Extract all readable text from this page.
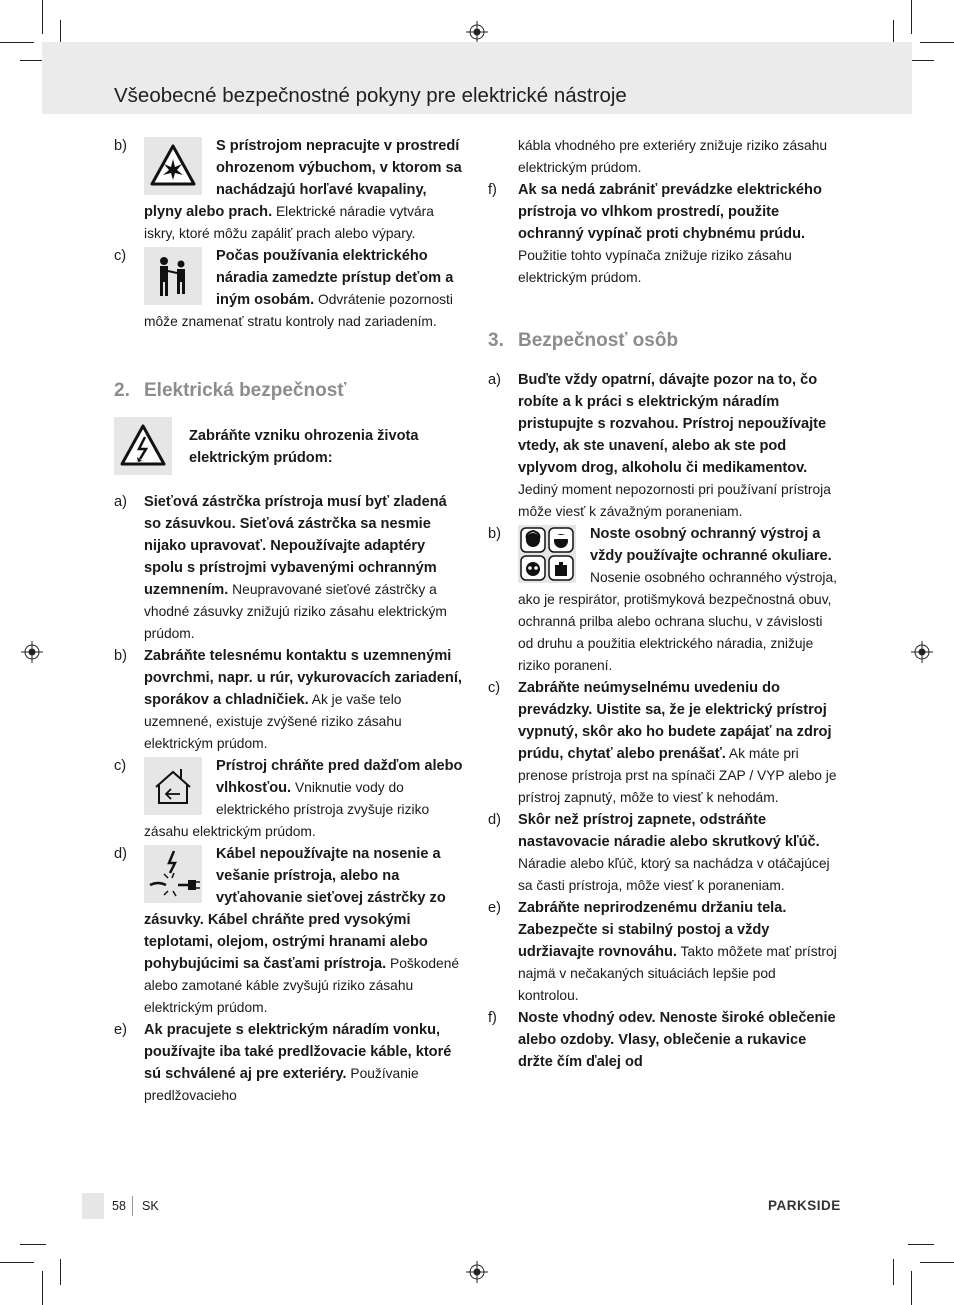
Všeobecné bezpečnostné pokyny pre elektrické nástroje
b)	S prístrojom nepracujte v prostredí ohrozenom výbuchom, v ktorom sa nachádzajú horľavé kvapaliny, plyny alebo prach. Elektrické náradie vytvára iskry, ktoré môžu zapáliť prach alebo výpary.
c)	Počas používania elektrického náradia zamedzte prístup deťom a iným osobám. Odvrátenie pozornosti môže znamenať stratu kontroly nad zariadením.
2. Elektrická bezpečnosť
Zabráňte vzniku ohrozenia života elektrickým prúdom:
a) Sieťová zástrčka prístroja musí byť zladená so zásuvkou. Sieťová zástrčka sa nesmie nijako upravovať. Nepoužívajte adaptéry spolu s prístrojmi vybavenými ochranným uzemnením. Neupravované sieťové zástrčky a vhodné zásuvky znižujú riziko zásahu elektrickým prúdom.
b) Zabráňte telesnému kontaktu s uzemnenými povrchmi, napr. u rúr, vykurovacích zariadení, sporákov a chladničiek. Ak je vaše telo uzemnené, existuje zvýšené riziko zásahu elektrickým prúdom.
c)	Prístroj chráňte pred dažďom alebo vlhkosťou. Vniknutie vody do elektrického prístroja zvyšuje riziko zásahu elektrickým prúdom.
d)	Kábel nepoužívajte na nosenie a vešanie prístroja, alebo na vyťahovanie sieťovej zástrčky zo zásuvky. Kábel chráňte pred vysokými teplotami, olejom, ostrými hranami alebo pohybujúcimi sa časťami prístroja. Poškodené alebo zamotané káble zvyšujú riziko zásahu elektrickým prúdom.
e) Ak pracujete s elektrickým náradím vonku, používajte iba také predlžovacie káble, ktoré sú schválené aj pre exteriéry. Používanie predlžovacieho
kábla vhodného pre exteriéry znižuje riziko zásahu elektrickým prúdom.
f) Ak sa nedá zabrániť prevádzke elektrického prístroja vo vlhkom prostredí, použite ochranný vypínač proti chybnému prúdu. Použitie tohto vypínača znižuje riziko zásahu elektrickým prúdom.
3. Bezpečnosť osôb
a) Buďte vždy opatrní, dávajte pozor na to, čo robíte a k práci s elektrickým náradím pristupujte s rozvahou. Prístroj nepoužívajte vtedy, ak ste unavení, alebo ak ste pod vplyvom drog, alkoholu či medikamentov. Jediný moment nepozornosti pri používaní prístroja môže viesť k závažným poraneniam.
b)	Noste osobný ochranný výstroj a vždy používajte ochranné okuliare. Nosenie osobného ochranného výstroja, ako je respirátor, protišmyková bezpečnostná obuv, ochranná prilba alebo ochrana sluchu, v závislosti od druhu a použitia elektrického náradia, znižuje riziko poranení.
c) Zabráňte neúmyselnému uvedeniu do prevádzky. Uistite sa, že je elektrický prístroj vypnutý, skôr ako ho budete zapájať na zdroj prúdu, chytať alebo prenášať. Ak máte pri prenose prístroja prst na spínači ZAP / VYP alebo je prístroj zapnutý, môže to viesť k nehodám.
d) Skôr než prístroj zapnete, odstráňte nastavovacie náradie alebo skrutkový kľúč. Náradie alebo kľúč, ktorý sa nachádza v otáčajúcej sa časti prístroja, môže viesť k poraneniam.
e) Zabráňte neprirodzenému držaniu tela. Zabezpečte si stabilný postoj a vždy udržiavajte rovnováhu. Takto môžete mať prístroj najmä v nečakaných situáciách lepšie pod kontrolou.
f) Noste vhodný odev. Nenoste široké oblečenie alebo ozdoby. Vlasy, oblečenie a rukavice držte čím ďalej od
58 SK	PARKSIDE
